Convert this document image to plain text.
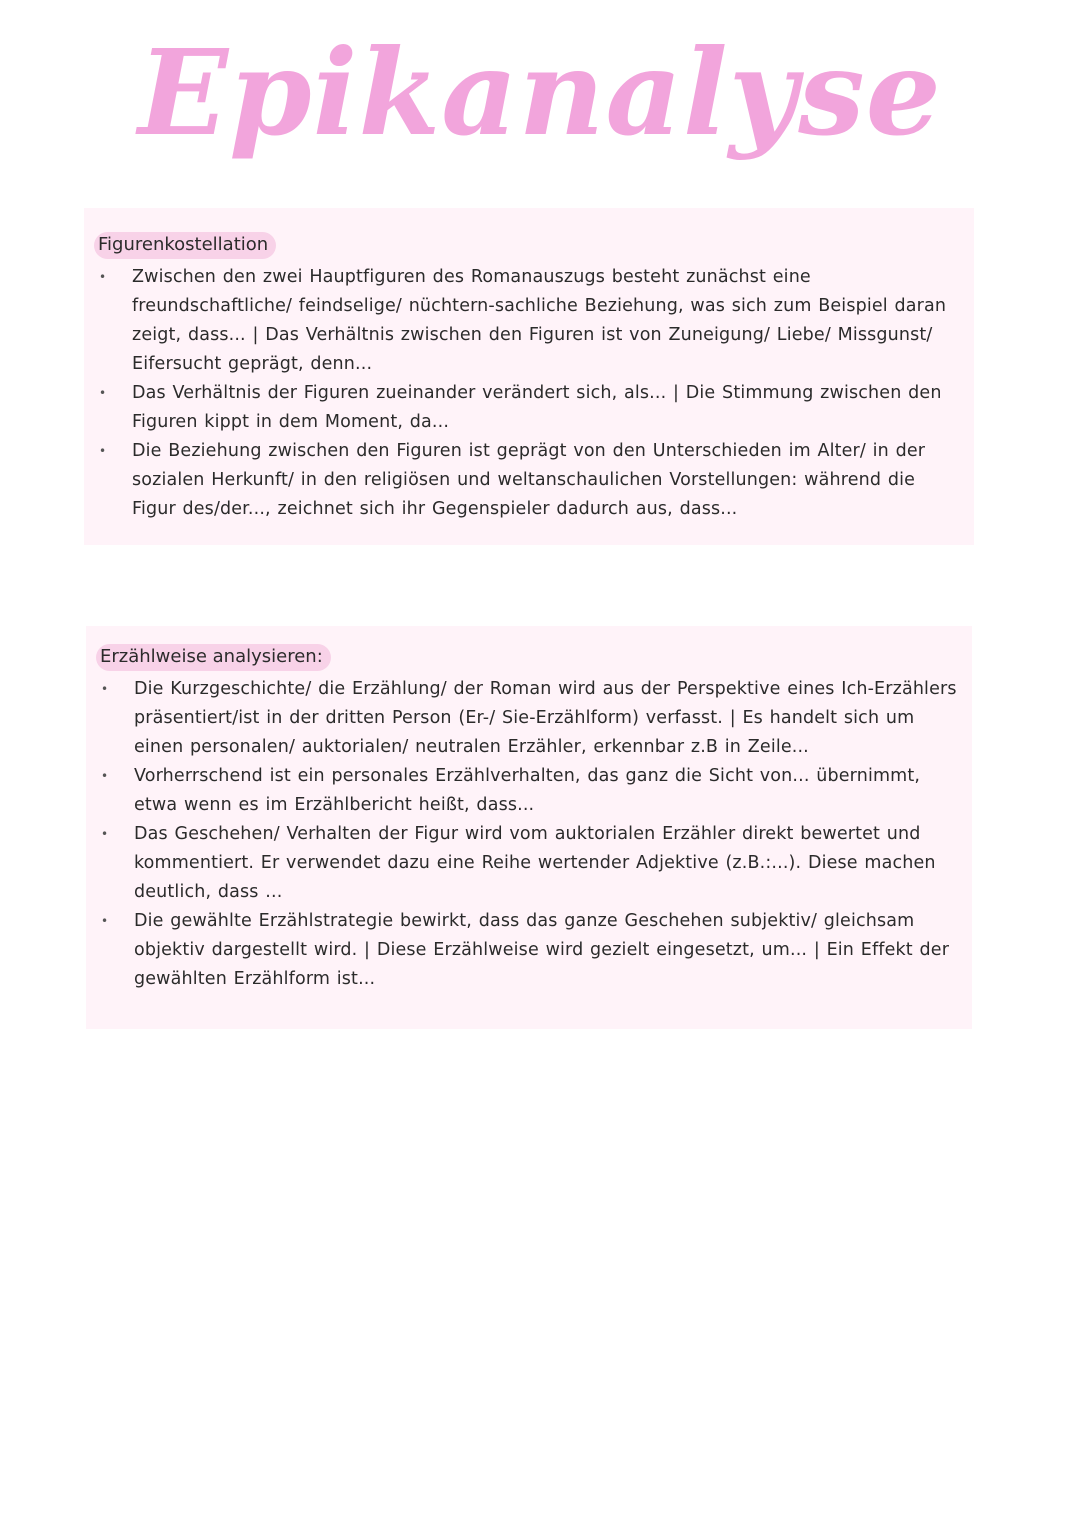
Epikanalyse
Figurenkostellation
• Zwischen den zwei Hauptfiguren des Romanauszugs besteht zunächst eine freundschaftliche/ feindselige/ nüchtern-sachliche Beziehung, was sich zum Beispiel daran zeigt, dass... | Das Verhältnis zwischen den Figuren ist von Zuneigung/ Liebe/ Missgunst/ Eifersucht geprägt, denn...
• Das Verhältnis der Figuren zueinander verändert sich, als... | Die Stimmung zwischen den Figuren kippt in dem Moment, da...
• Die Beziehung zwischen den Figuren ist geprägt von den Unterschieden im Alter/ in der sozialen Herkunft/ in den religiösen und weltanschaulichen Vorstellungen: während die Figur des/der..., zeichnet sich ihr Gegenspieler dadurch aus, dass...
Erzählweise analysieren:
• Die Kurzgeschichte/ die Erzählung/ der Roman wird aus der Perspektive eines Ich-Erzählers präsentiert/ist in der dritten Person (Er-/ Sie-Erzählform) verfasst. | Es handelt sich um einen personalen/ auktorialen/ neutralen Erzähler, erkennbar z.B in Zeile...
• Vorherrschend ist ein personales Erzählverhalten, das ganz die Sicht von... übernimmt, etwa wenn es im Erzählbericht heißt, dass...
• Das Geschehen/ Verhalten der Figur wird vom auktorialen Erzähler direkt bewertet und kommentiert. Er verwendet dazu eine Reihe wertender Adjektive (z.B.:...). Diese machen deutlich, dass ...
• Die gewählte Erzählstrategie bewirkt, dass das ganze Geschehen subjektiv/ gleichsam objektiv dargestellt wird. | Diese Erzählweise wird gezielt eingesetzt, um... | Ein Effekt der gewählten Erzählform ist...
